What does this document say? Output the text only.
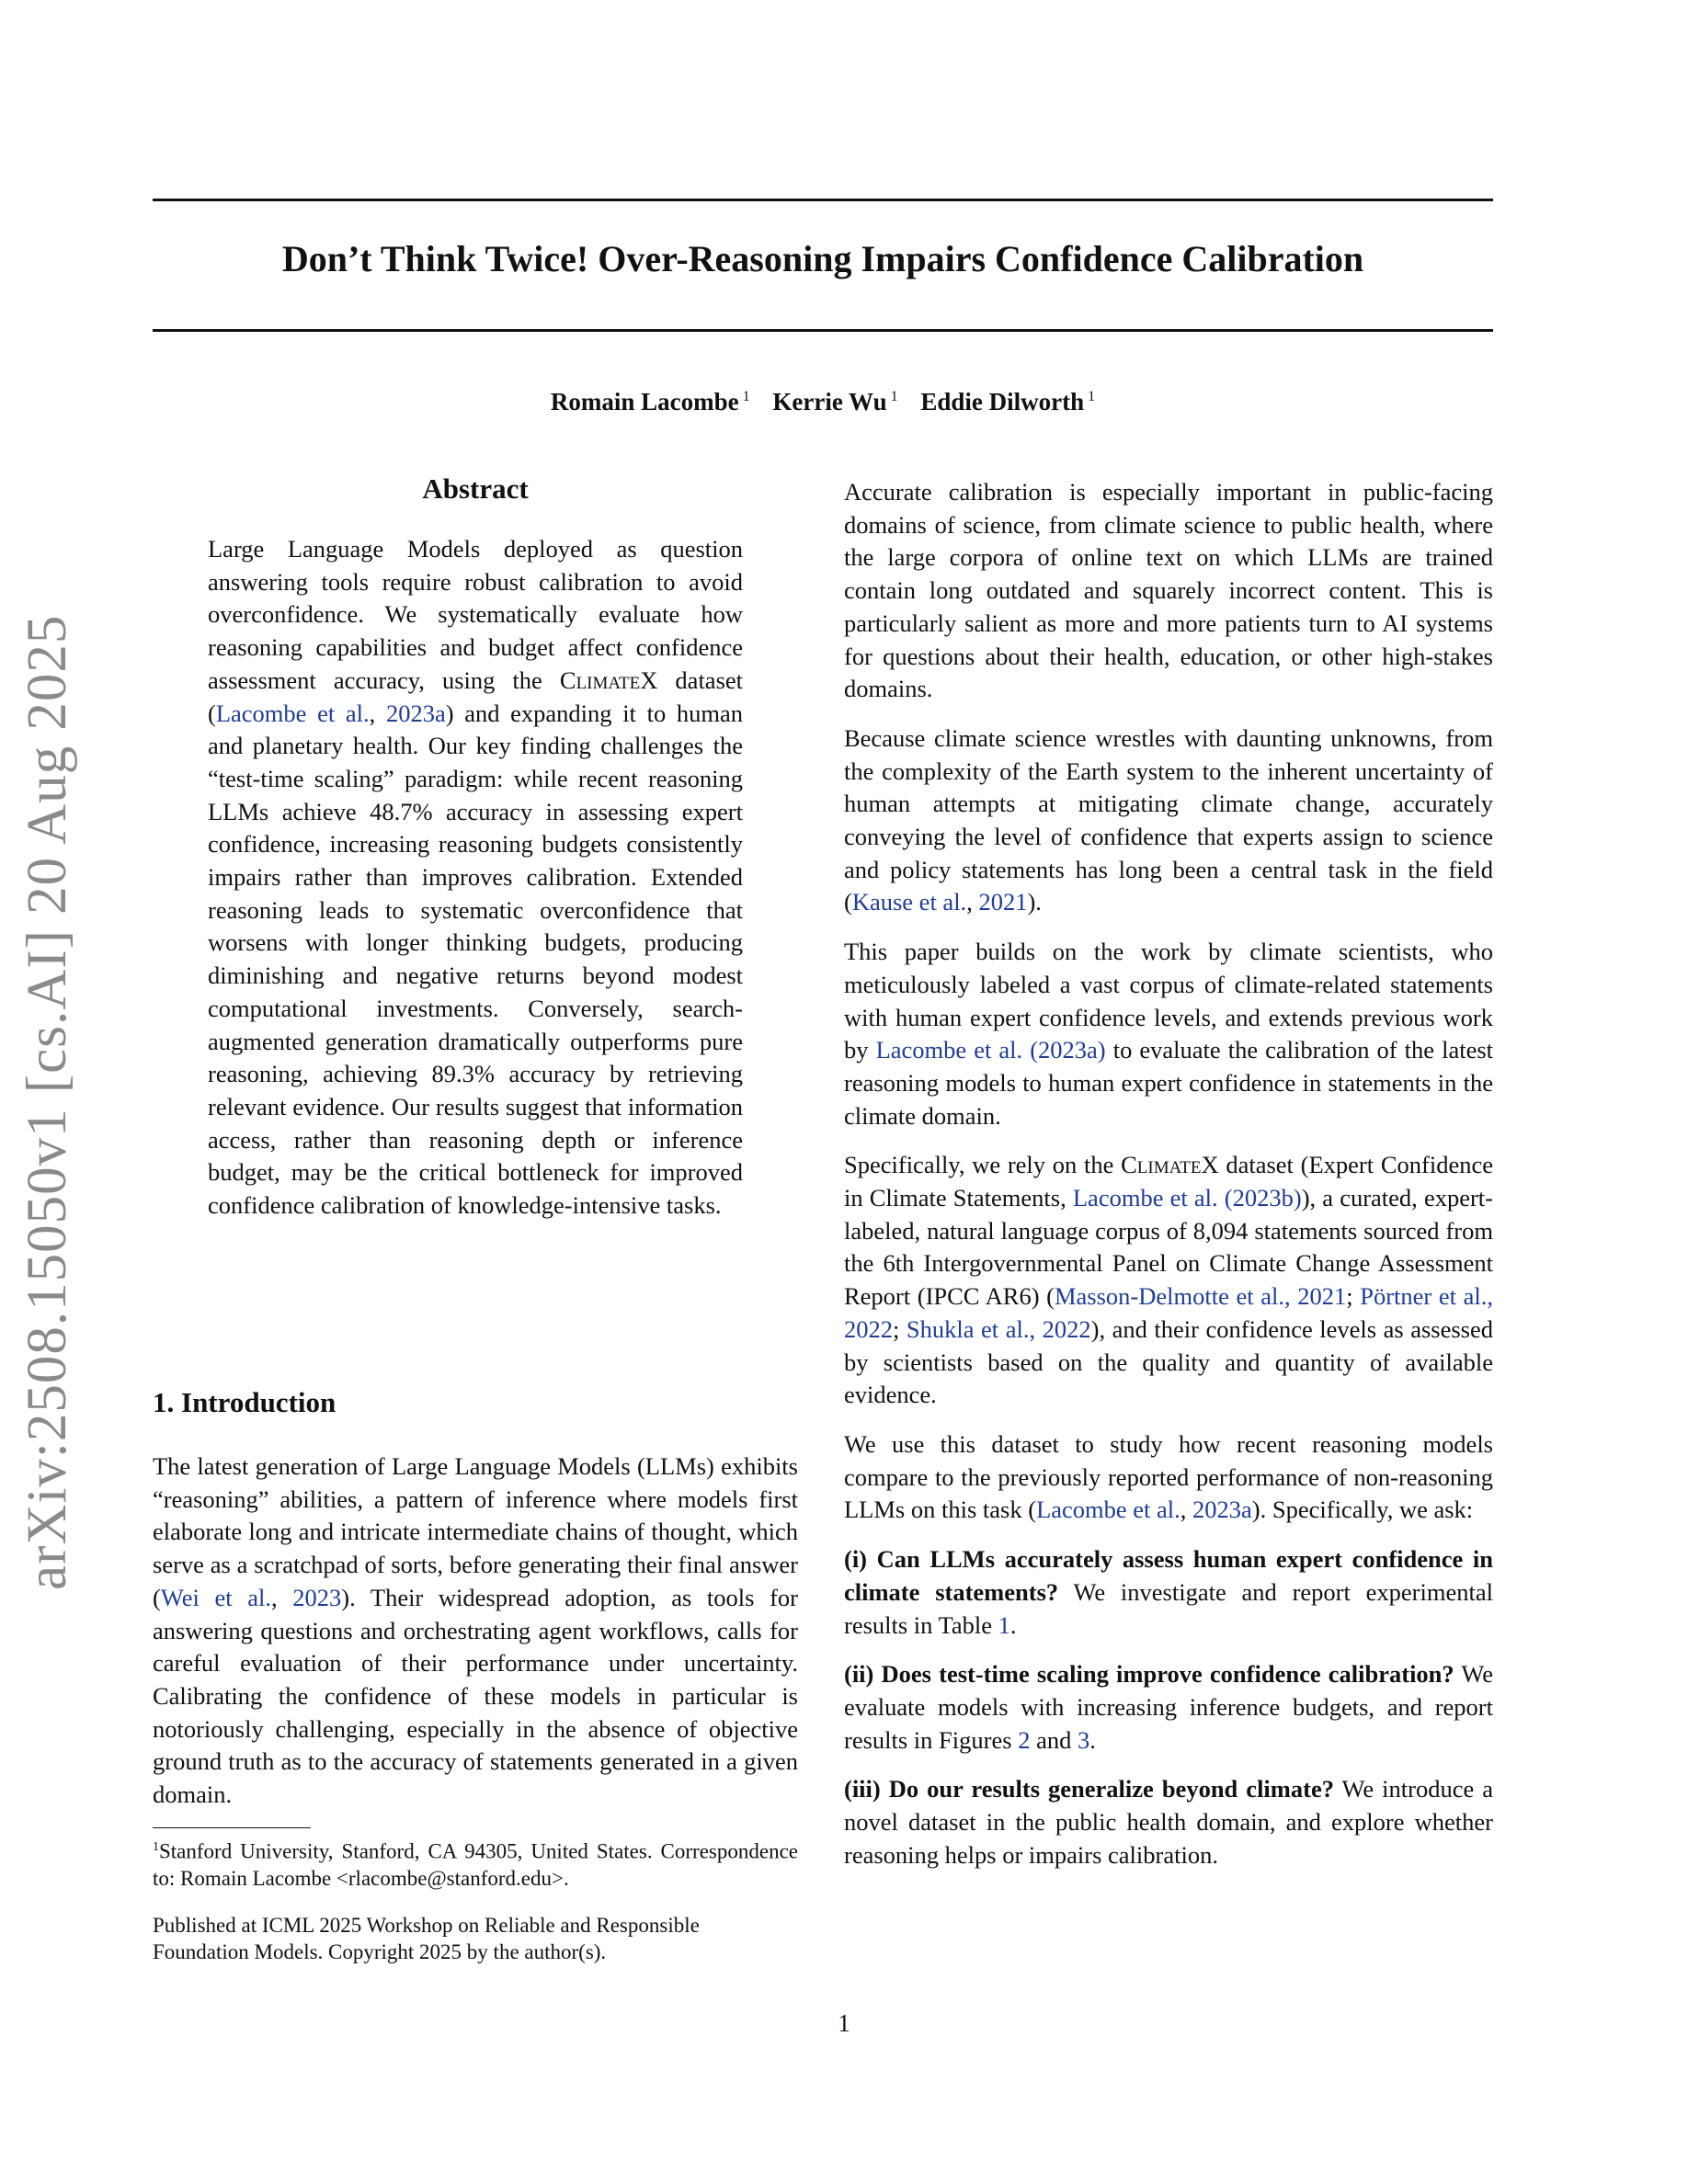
arXiv:2508.15050v1 [cs.AI] 20 Aug 2025
Don’t Think Twice! Over-Reasoning Impairs Confidence Calibration
Romain Lacombe $^1$ Kerrie Wu $^1$ Eddie Dilworth $^1$
Abstract

Large Language Models deployed as question answering tools require robust calibration to avoid overconfidence. We systematically evaluate how reasoning capabilities and budget affect confidence assessment accuracy, using the ClimateX dataset (Lacombe et al., 2023a) and expanding it to human and planetary health. Our key finding challenges the “test-time scaling” paradigm: while recent reasoning LLMs achieve 48.7% accuracy in assessing expert confidence, increasing reasoning budgets consistently impairs rather than improves calibration. Extended reasoning leads to systematic overconfidence that worsens with longer thinking budgets, producing diminishing and negative returns beyond modest computational investments. Conversely, search-augmented generation dramatically outperforms pure reasoning, achieving 89.3% accuracy by retrieving relevant evidence. Our results suggest that information access, rather than reasoning depth or inference budget, may be the critical bottleneck for improved confidence calibration of knowledge-intensive tasks.

1. Introduction

The latest generation of Large Language Models (LLMs) exhibits “reasoning” abilities, a pattern of inference where models first elaborate long and intricate intermediate chains of thought, which serve as a scratchpad of sorts, before generating their final answer (Wei et al., 2023). Their widespread adoption, as tools for answering questions and orchestrating agent workflows, calls for careful evaluation of their performance under uncertainty. Calibrating the confidence of these models in particular is notoriously challenging, especially in the absence of objective ground truth as to the accuracy of statements generated in a given domain.

$^1$Stanford University, Stanford, CA 94305, United States. Correspondence to: Romain Lacombe <rlacombe@stanford.edu>.
Published at ICML 2025 Workshop on Reliable and Responsible Foundation Models. Copyright 2025 by the author(s).

Accurate calibration is especially important in public-facing domains of science, from climate science to public health, where the large corpora of online text on which LLMs are trained contain long outdated and squarely incorrect content. This is particularly salient as more and more patients turn to AI systems for questions about their health, education, or other high-stakes domains.

Because climate science wrestles with daunting unknowns, from the complexity of the Earth system to the inherent uncertainty of human attempts at mitigating climate change, accurately conveying the level of confidence that experts assign to science and policy statements has long been a central task in the field (Kause et al., 2021).

This paper builds on the work by climate scientists, who meticulously labeled a vast corpus of climate-related statements with human expert confidence levels, and extends previous work by Lacombe et al. (2023a) to evaluate the calibration of the latest reasoning models to human expert confidence in statements in the climate domain.

Specifically, we rely on the ClimateX dataset (Expert Confidence in Climate Statements, Lacombe et al. (2023b)), a curated, expert-labeled, natural language corpus of 8,094 statements sourced from the 6th Intergovernmental Panel on Climate Change Assessment Report (IPCC AR6) (Masson-Delmotte et al., 2021; Pörtner et al., 2022; Shukla et al., 2022), and their confidence levels as assessed by scientists based on the quality and quantity of available evidence.

We use this dataset to study how recent reasoning models compare to the previously reported performance of non-reasoning LLMs on this task (Lacombe et al., 2023a). Specifically, we ask:

(i) Can LLMs accurately assess human expert confidence in climate statements? We investigate and report experimental results in Table 1.

(ii) Does test-time scaling improve confidence calibration? We evaluate models with increasing inference budgets, and report results in Figures 2 and 3.

(iii) Do our results generalize beyond climate? We introduce a novel dataset in the public health domain, and explore whether reasoning helps or impairs calibration.

1
